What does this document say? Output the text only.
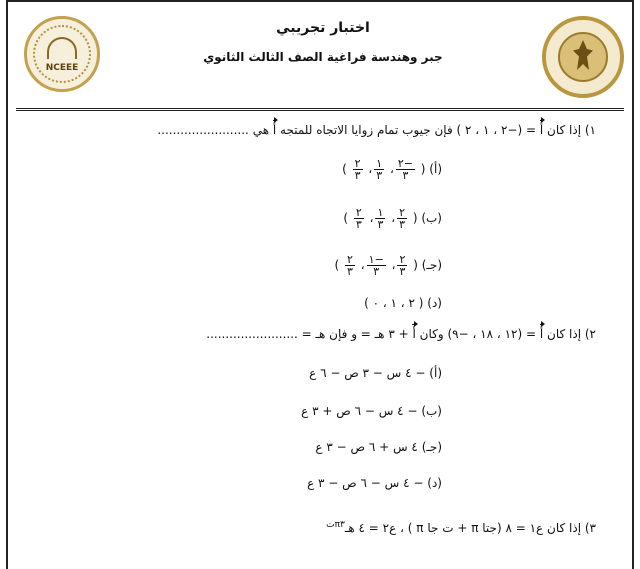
NCEEE
اختبار تجريبي
جبر وهندسة فراغية الصف الثالث الثانوي
١) إذا كان أ = (−٢ ، ١ ، ٢ ) فإن جيوب تمام زوايا الاتجاه للمتجه أ هي ........................
(أ) (
$\frac{-٢}{٣}$
،
$\frac{١}{٣}$
،
$\frac{٢}{٣}$
)
(ب) (
$\frac{٢}{٣}$
،
$\frac{١}{٣}$
،
$\frac{٢}{٣}$
)
(جـ) (
$\frac{٢}{٣}$
،
$\frac{-١}{٣}$
،
$\frac{٢}{٣}$
)
(د) ( ٢ ، ١ ، ٠ )
٢) إذا كان أ = (١٢ ، ١٨ ، −٩) وكان أ + ٣ هـ = و فإن هـ = ........................
(أ) − ٤ س − ٣ ص − ٦ ع
(ب) − ٤ س − ٦ ص + ٣ ع
(جـ) ٤ س + ٦ ص − ٣ ع
(د) − ٤ س − ٦ ص − ٣ ع
٣) إذا كان ع١ = ٨ (جتا π + ت جا π ) ، ع٢ = ٤ هـ$^{\pi ٣ت}$
